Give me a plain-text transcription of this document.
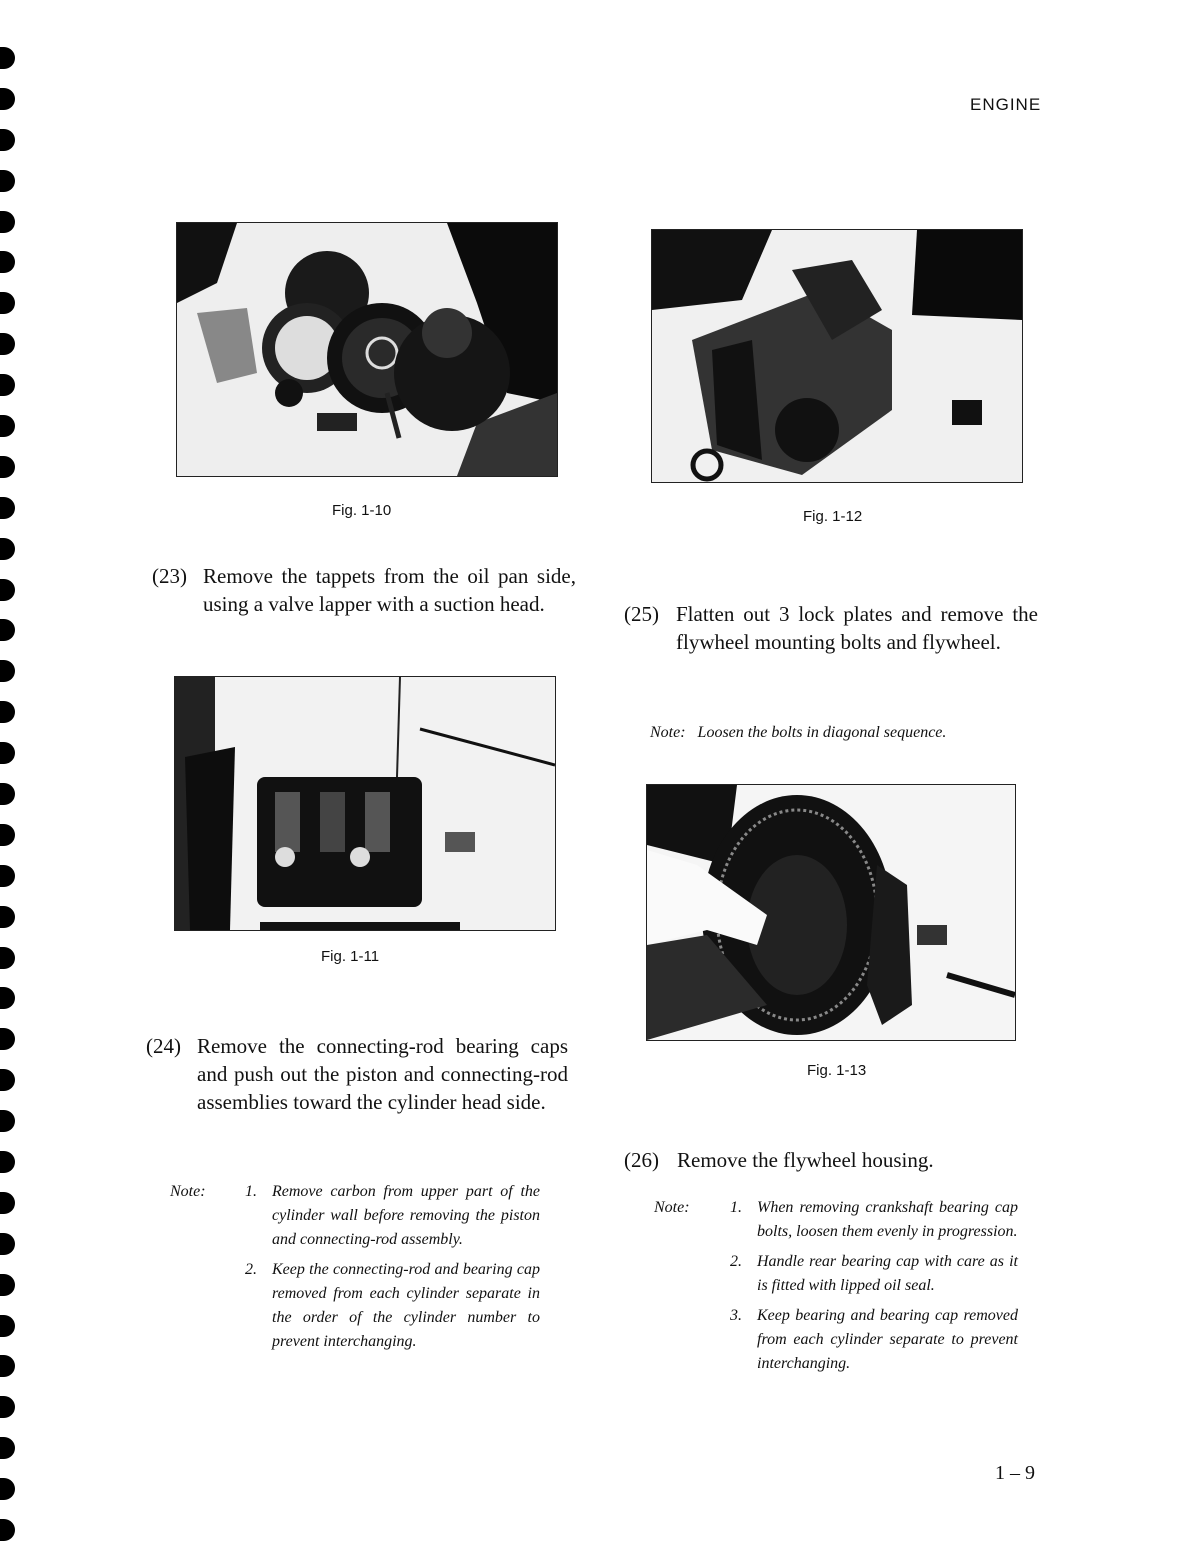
ENGINE
Fig. 1-10
(23) Remove the tappets from the oil pan side, using a valve lapper with a suction head.
Fig. 1-11
(24) Remove the connecting-rod bearing caps and push out the piston and connecting-rod assemblies toward the cylinder head side.
Note: 1. Remove carbon from upper part of the cylinder wall before removing the piston and connecting-rod assembly.
2. Keep the connecting-rod and bearing cap removed from each cylinder separate in the order of the cylinder number to prevent interchanging.
Fig. 1-12
(25) Flatten out 3 lock plates and remove the flywheel mounting bolts and flywheel.
Note: Loosen the bolts in diagonal sequence.
Fig. 1-13
(26) Remove the flywheel housing.
Note:	1. When removing crankshaft bearing cap bolts, loosen them evenly in progression.
2. Handle rear bearing cap with care as it is fitted with lipped oil seal.
3. Keep bearing and bearing cap removed from each cylinder separate to prevent interchanging.
1 – 9
